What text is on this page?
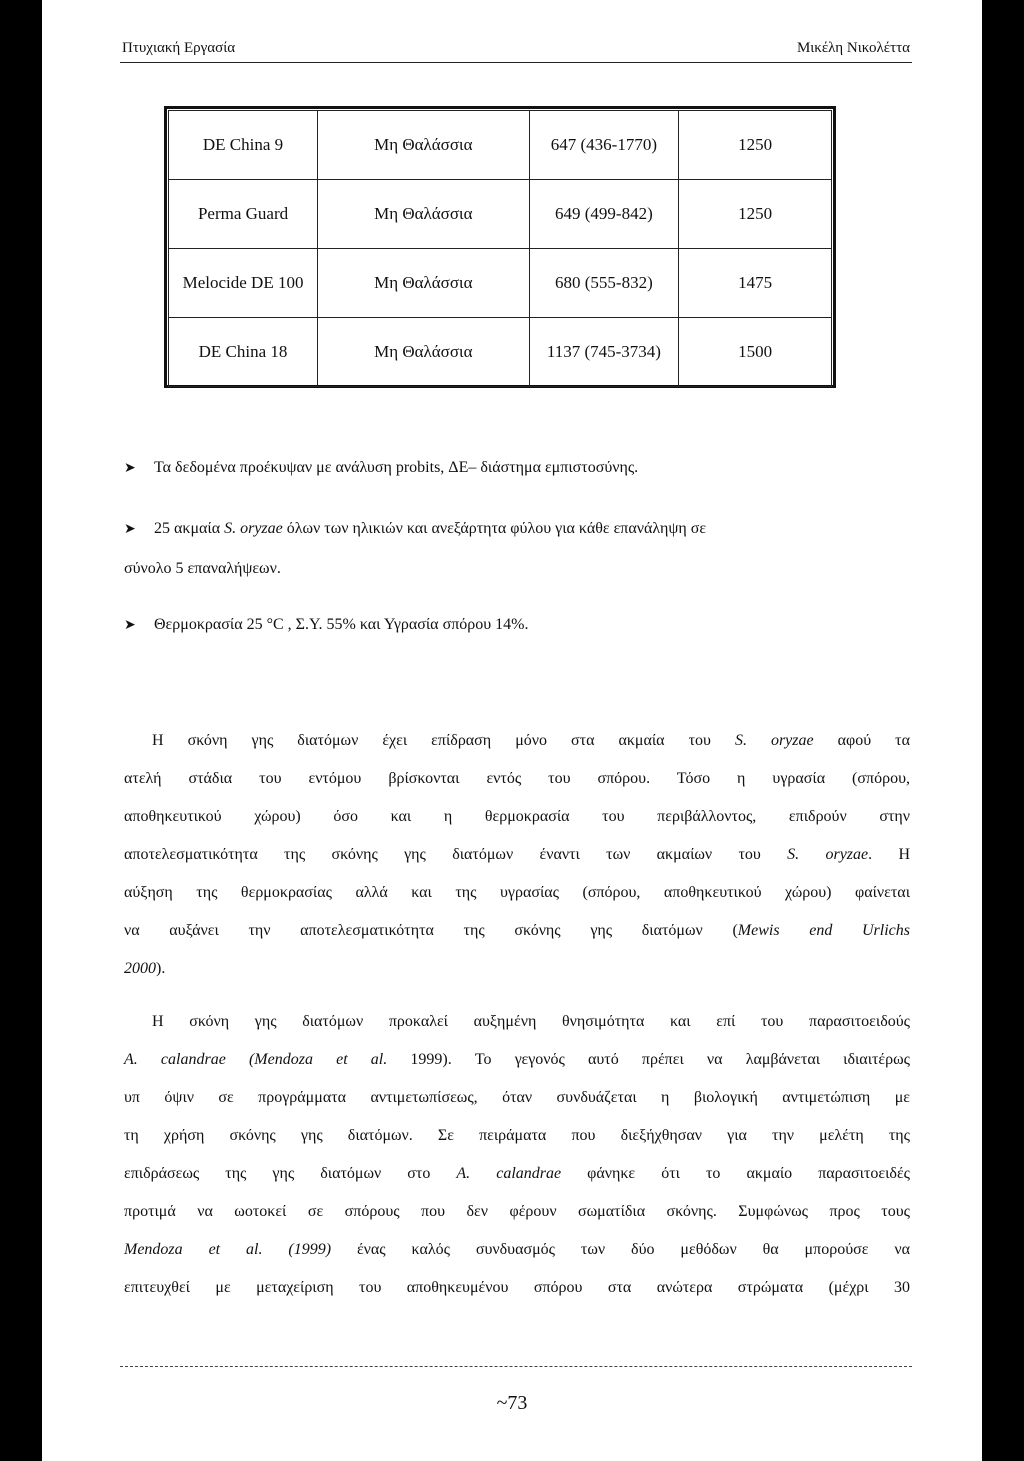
Πτυχιακή Εργασία	Μικέλη Νικολέττα
DE China 9	Μη Θαλάσσια	647 (436-1770)	1250
Perma Guard	Μη Θαλάσσια	649 (499-842)	1250
Melocide DE 100	Μη Θαλάσσια	680 (555-832)	1475
DE China 18	Μη Θαλάσσια	1137 (745-3734)	1500
➤ Τα δεδομένα προέκυψαν με ανάλυση probits, ΔΕ– διάστημα εμπιστοσύνης.
➤ 25 ακμαία S. oryzae όλων των ηλικιών και ανεξάρτητα φύλου για κάθε επανάληψη σε
σύνολο 5 επαναλήψεων.
➤ Θερμοκρασία 25 °C , Σ.Υ. 55% και Υγρασία σπόρου 14%.
Η σκόνη γης διατόμων έχει επίδραση μόνο στα ακμαία του S. oryzae αφού τα
ατελή στάδια του εντόμου βρίσκονται εντός του σπόρου. Τόσο η υγρασία (σπόρου,
αποθηκευτικού χώρου) όσο και η θερμοκρασία του περιβάλλοντος, επιδρούν στην
αποτελεσματικότητα της σκόνης γης διατόμων έναντι των ακμαίων του S. oryzae. Η
αύξηση της θερμοκρασίας αλλά και της υγρασίας (σπόρου, αποθηκευτικού χώρου) φαίνεται
να αυξάνει την αποτελεσματικότητα της σκόνης γης διατόμων (Mewis end Urlichs
2000).
Η σκόνη γης διατόμων προκαλεί αυξημένη θνησιμότητα και επί του παρασιτοειδούς
A. calandrae (Mendoza et al. 1999). Το γεγονός αυτό πρέπει να λαμβάνεται ιδιαιτέρως
υπ όψιν σε προγράμματα αντιμετωπίσεως, όταν συνδυάζεται η βιολογική αντιμετώπιση με
τη χρήση σκόνης γης διατόμων. Σε πειράματα που διεξήχθησαν για την μελέτη της
επιδράσεως της γης διατόμων στο A. calandrae φάνηκε ότι το ακμαίο παρασιτοειδές
προτιμά να ωοτοκεί σε σπόρους που δεν φέρουν σωματίδια σκόνης. Συμφώνως προς τους
Mendoza et al. (1999) ένας καλός συνδυασμός των δύο μεθόδων θα μπορούσε να
επιτευχθεί με μεταχείριση του αποθηκευμένου σπόρου στα ανώτερα στρώματα (μέχρι 30
~73
